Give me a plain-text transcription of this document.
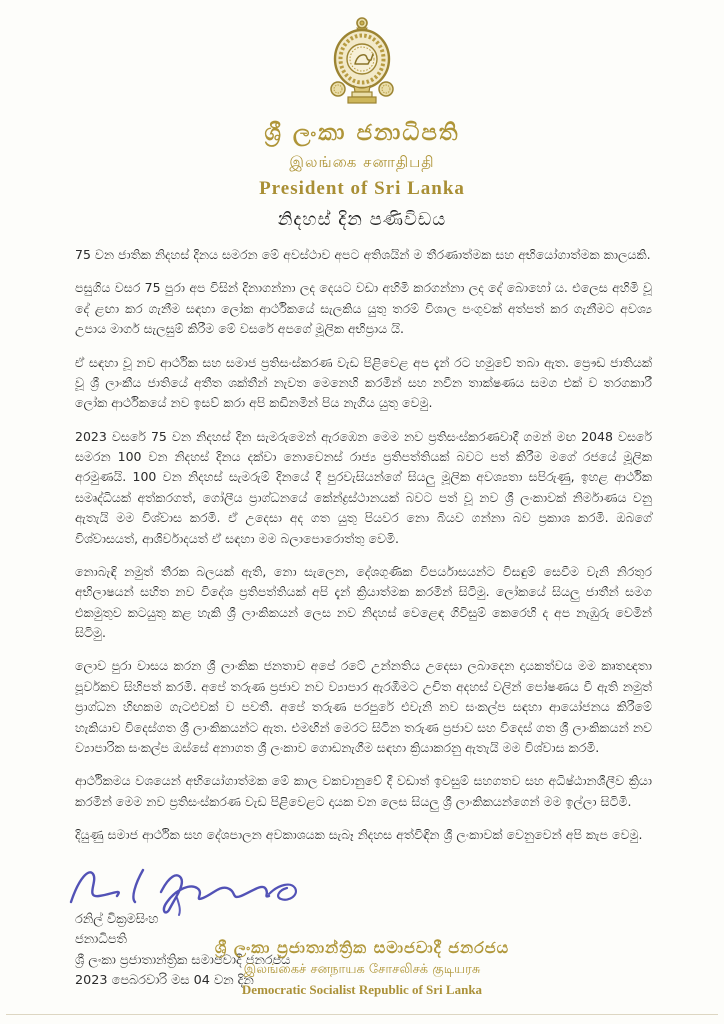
ශ්‍රී ලංකා ජනාධිපති
இலங்கை சனாதிபதி
President of Sri Lanka
නිදහස් දින පණිවිඩය

75 වන ජාතික නිදහස් දිනය සමරන මේ අවස්ථාව අපට අතිශයින් ම තීරණාත්මක සහ අභියෝගාත්මක කාලයකි.

පසුගිය වසර 75 පුරා අප විසින් දිනාගන්නා ලද දෙයට වඩා අහිමි කරගන්නා ලද දේ බොහෝ ය. එලෙස අහිමි වූ දේ ළඟා කර ගැනීම සඳහා ලෝක ආර්ථිකයේ සැලකිය යුතු තරම් විශාල පංගුවක් අත්පත් කර ගැනීමට අවශ්‍ය උපාය මාර්ග සැලසුම් කිරීම මේ වසරේ අපගේ මූලික අභිප්‍රාය යි.

ඒ සඳහා වූ නව ආර්ථික සහ සමාජ ප්‍රතිසංස්කරණ වැඩ පිළිවෙළ අප දැන් රට හමුවේ තබා ඇත. ප්‍රෞඩ ජාතියක් වූ ශ්‍රී ලාංකීය ජාතියේ අතීත ශක්තීන් නැවත මෙනෙහි කරමින් සහ නවීන තාක්ෂණය සමග එක් ව තරගකාරී ලෝක ආර්ථිකයේ නව ඉසව් කරා අපි කඩිනමින් පිය නැගිය යුතු වෙමු.

2023 වසරේ 75 වන නිදහස් දින සැමරුමෙන් ඇරඹෙන මෙම නව ප්‍රතිසංස්කරණවාදී ගමන් මඟ 2048 වසරේ සමරන 100 වන නිදහස් දිනය දක්වා නොවෙනස් රාජ්‍ය ප්‍රතිපත්තියක් බවට පත් කිරීම මගේ රජයේ මූලික අරමුණයි. 100 වන නිදහස් සැමරුම් දිනයේ දී පුරවැසියන්ගේ සියලු මූලික අවශ්‍යතා සපිරුණු, ඉහළ ආර්ථික සමෘද්ධියක් අත්කරගත්, ගෝලීය ප්‍රාග්ධනයේ කේන්ද්‍රස්ථානයක් බවට පත් වූ නව ශ්‍රී ලංකාවක් නිර්මාණය වනු ඇතැයි මම විශ්වාස කරමි. ඒ උදෙසා අද ගත යුතු පියවර නො බියව ගන්නා බව ප්‍රකාශ කරමි. ඔබගේ විශ්වාසයත්, ආශිර්වාදයත් ඒ සඳහා මම බලාපොරොත්තු වෙමි.

නොබැඳි නමුත් තීරක බලයක් ඇති, නො සැලෙන, දේශගුණික විපර්යාසයන්ට විසඳුම් සෙවීම වැනි නිරතුර අභිලාෂයන් සහිත නව විදේශ ප්‍රතිපත්තියක් අපි දැන් ක්‍රියාත්මක කරමින් සිටිමු. ලෝකයේ සියලු ජාතීන් සමග එකමුතුව කටයුතු කළ හැකි ශ්‍රී ලාංකිකයන් ලෙස නව නිදහස් වෙළෙඳ ගිවිසුම් කෙරෙහි ද අප නැඹුරු වෙමින් සිටිමු.

ලොව පුරා වාසය කරන ශ්‍රී ලාංකික ජනතාව අපේ රටේ උන්නතිය උදෙසා ලබාදෙන දායකත්වය මම කෘතඥතා පූර්වකව සිහිපත් කරමි. අපේ තරුණ ප්‍රජාව නව ව්‍යාපාර ඇරඹීමට උචිත අදහස් වලින් පෝෂණය වී ඇති නමුත් ප්‍රාග්ධන හිඟකම ගැටළුවක් ව පවතී. අපේ තරුණ පරපුරේ එවැනි නව සංකල්ප සඳහා ආයෝජනය කිරීමේ හැකියාව විදෙස්ගත ශ්‍රී ලාංකිකයන්ට ඇත. එමඟින් මෙරට සිටින තරුණ ප්‍රජාව සහ විදෙස් ගත ශ්‍රී ලාංකිකයන් නව ව්‍යාපාරික සංකල්ප ඔස්සේ අනාගත ශ්‍රී ලංකාව ගොඩනැගීම සඳහා ක්‍රියාකරනු ඇතැයි මම විශ්වාස කරමි.

ආර්ථිකමය වශයෙන් අභියෝගාත්මක මේ කාල වකවානුවේ දී වඩාත් ඉවසුම් සහගතව සහ අධිෂ්ඨානශීලීව ක්‍රියා කරමින් මෙම නව ප්‍රතිසංස්කරණ වැඩ පිළිවෙළට දායක වන ලෙස සියලු ශ්‍රී ලාංකිකයන්ගෙන් මම ඉල්ලා සිටිමි.

දියුණු සමාජ ආර්ථික සහ දේශපාලන අවකාශයක සැබෑ නිදහස අත්විඳින ශ්‍රී ලංකාවක් වෙනුවෙන් අපි කැප වෙමු.

රනිල් වික්‍රමසිංහ

ජනාධිපති

ශ්‍රී ලංකා ප්‍රජාතාන්ත්‍රික සමාජවාදී ජනරජය

2023 පෙබරවාරි මස 04 වන දින

ශ්‍රී ලංකා ප්‍රජාතාන්ත්‍රික සමාජවාදී ජනරජය
இலங்கைச் சனநாயக சோசலிசக் குடியரசு
Democratic Socialist Republic of Sri Lanka
